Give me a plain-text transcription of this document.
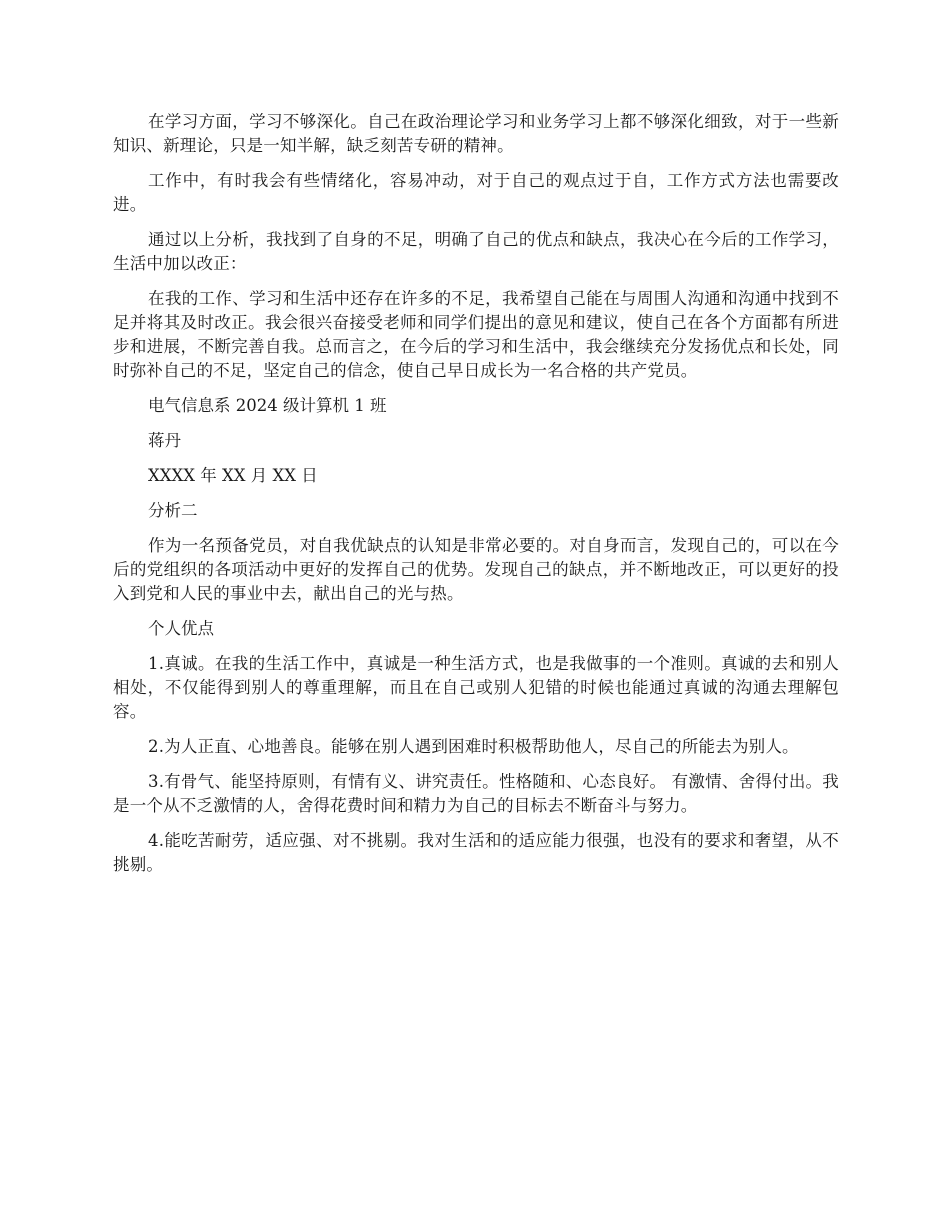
在学习方面，学习不够深化。自己在政治理论学习和业务学习上都不够深化细致，对于一些新知识、新理论，只是一知半解，缺乏刻苦专研的精神。

工作中，有时我会有些情绪化，容易冲动，对于自己的观点过于自，工作方式方法也需要改进。

通过以上分析，我找到了自身的不足，明确了自己的优点和缺点，我决心在今后的工作学习，生活中加以改正：

在我的工作、学习和生活中还存在许多的不足，我希望自己能在与周围人沟通和沟通中找到不足并将其及时改正。我会很兴奋接受老师和同学们提出的意见和建议，使自己在各个方面都有所进步和进展，不断完善自我。总而言之，在今后的学习和生活中，我会继续充分发扬优点和长处，同时弥补自己的不足，坚定自己的信念，使自己早日成长为一名合格的共产党员。

电气信息系 2024 级计算机 1 班

蒋丹

XXXX 年 XX 月 XX 日

分析二

作为一名预备党员，对自我优缺点的认知是非常必要的。对自身而言，发现自己的，可以在今后的党组织的各项活动中更好的发挥自己的优势。发现自己的缺点，并不断地改正，可以更好的投入到党和人民的事业中去，献出自己的光与热。

个人优点

1.真诚。在我的生活工作中，真诚是一种生活方式，也是我做事的一个准则。真诚的去和别人相处，不仅能得到别人的尊重理解，而且在自己或别人犯错的时候也能通过真诚的沟通去理解包容。

2.为人正直、心地善良。能够在别人遇到困难时积极帮助他人，尽自己的所能去为别人。

3.有骨气、能坚持原则，有情有义、讲究责任。性格随和、心态良好。 有激情、舍得付出。我是一个从不乏激情的人，舍得花费时间和精力为自己的目标去不断奋斗与努力。

4.能吃苦耐劳，适应强、对不挑剔。我对生活和的适应能力很强，也没有的要求和奢望，从不挑剔。
